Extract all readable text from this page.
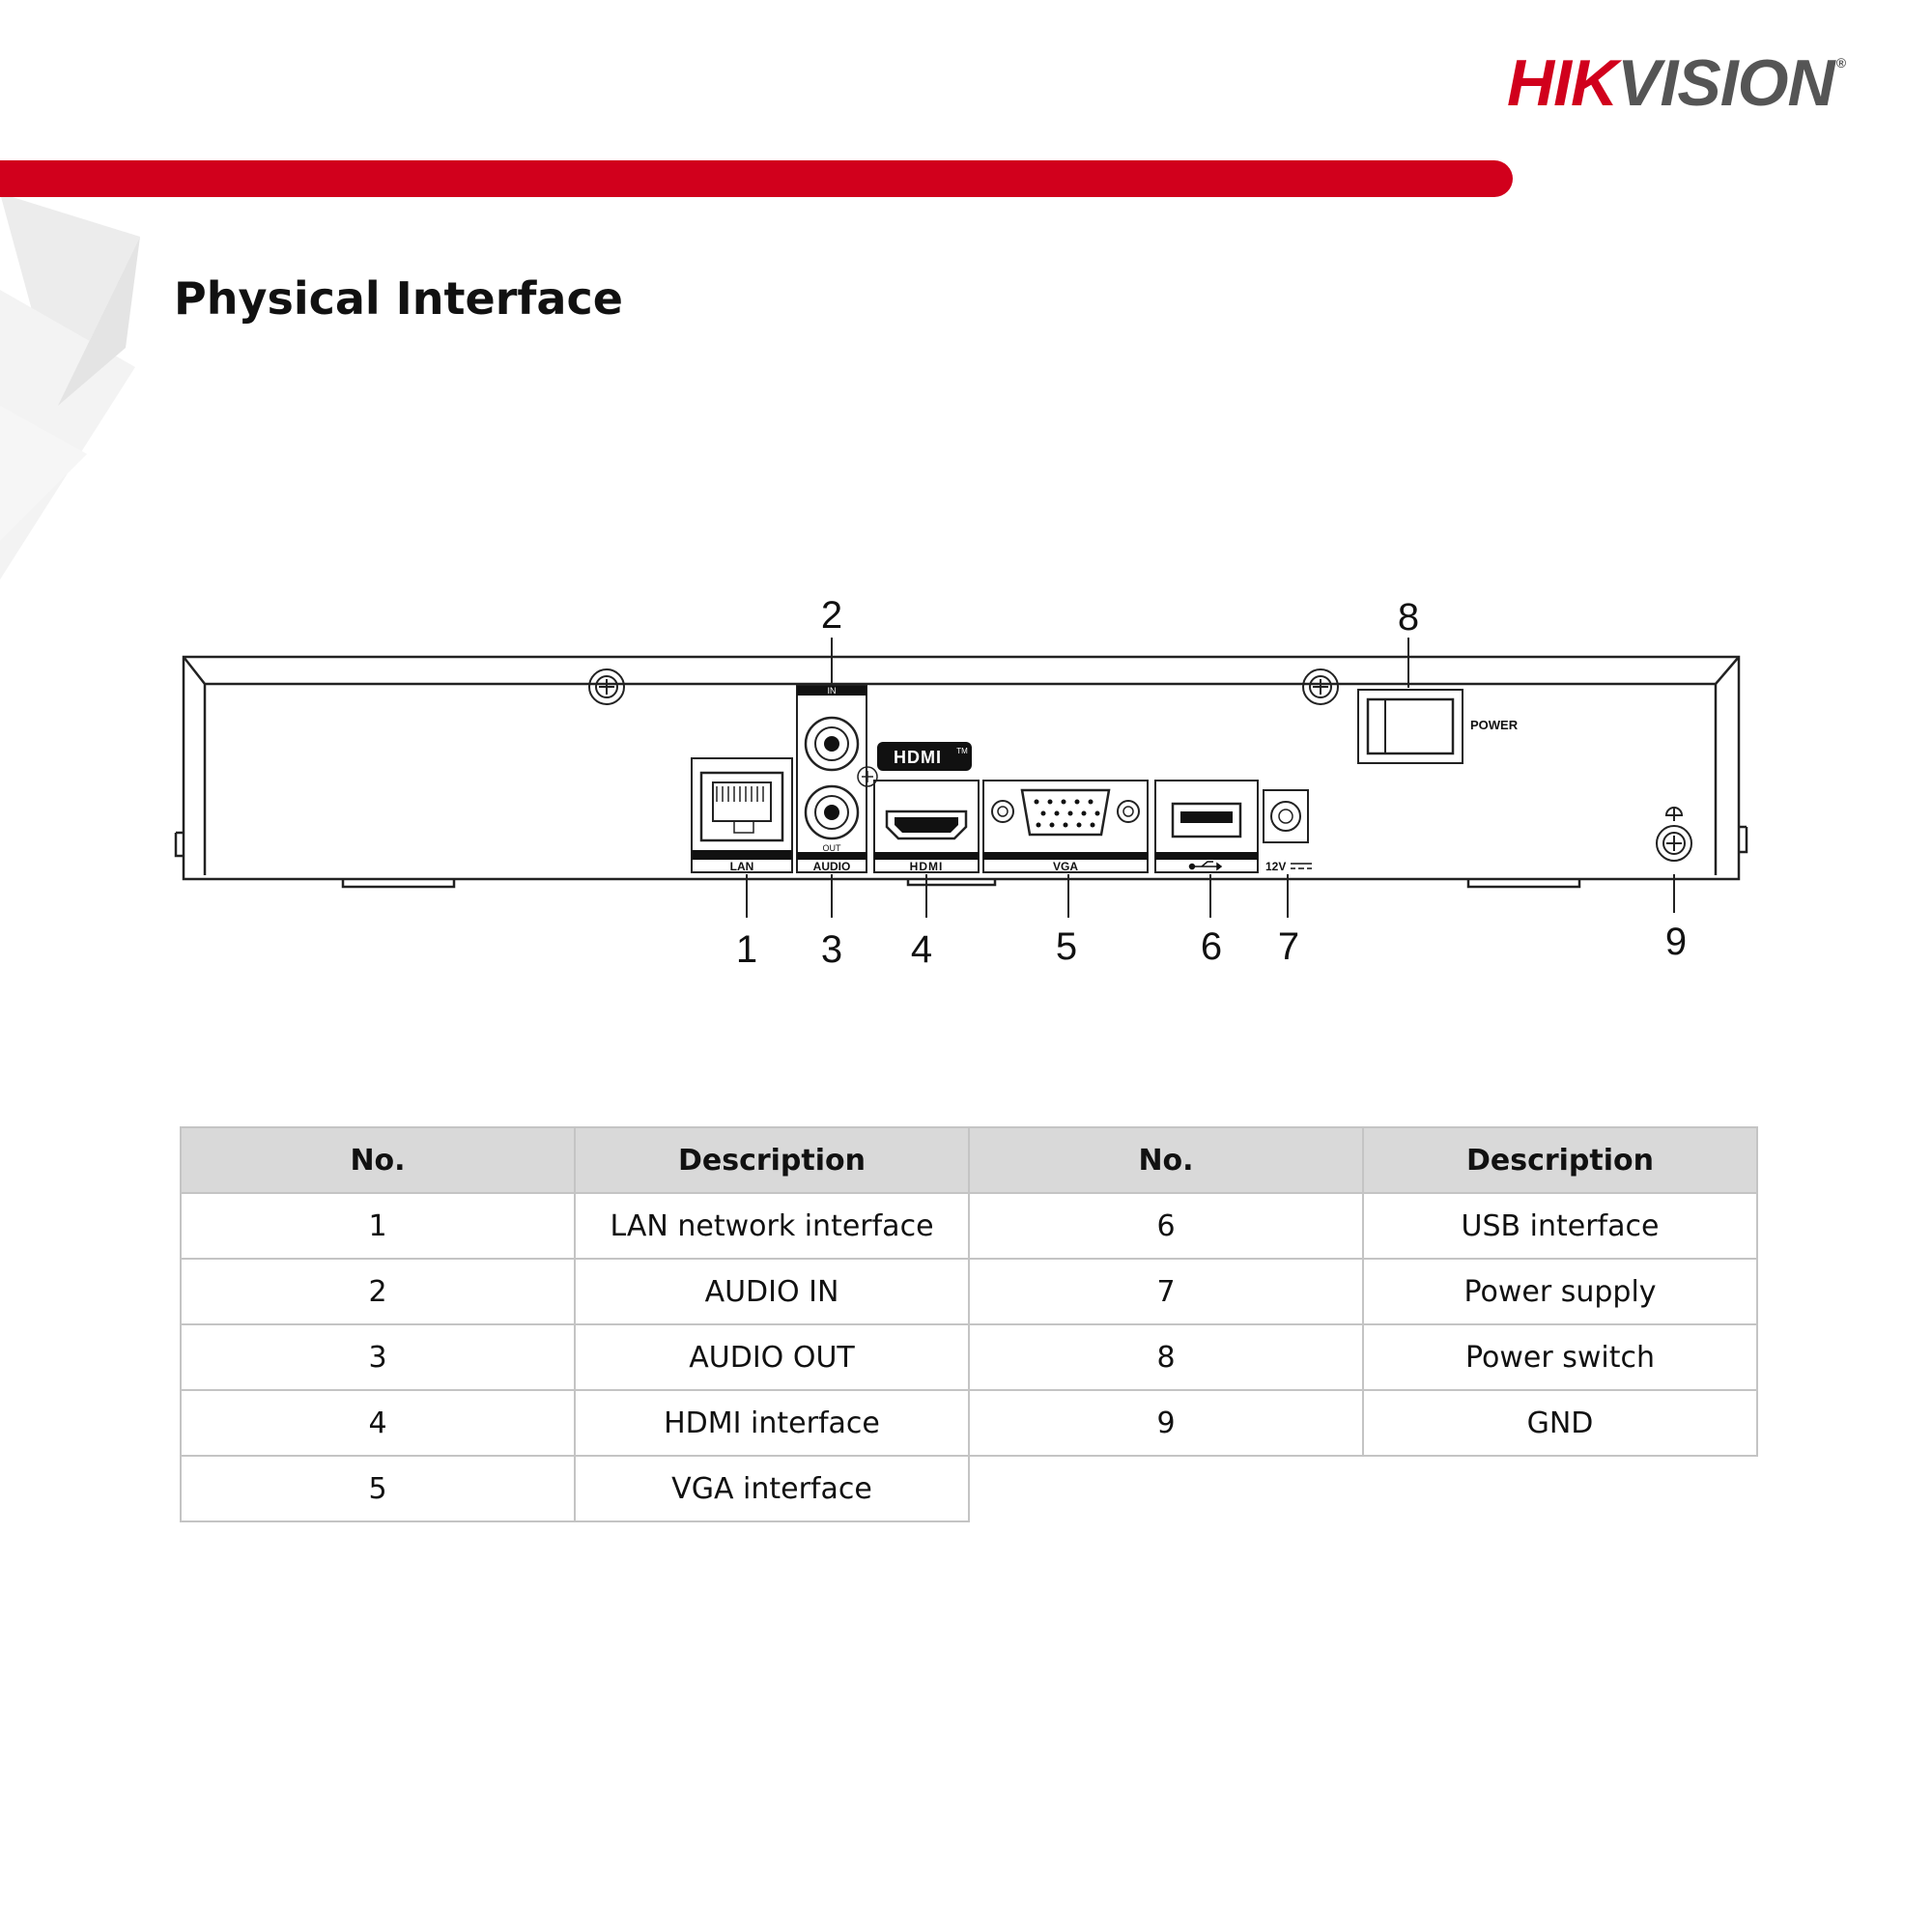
HIKVISION ®
Physical Interface
LAN
IN
OUT
AUDIO
HDMI TM
HDMI	VGA	12V
POWER
2	8
1 3 4	5	6 7	9
No.	Description	No.	Description
1	LAN network interface	6	USB interface
2	AUDIO IN	7	Power supply
3	AUDIO OUT	8	Power switch
4	HDMI interface	9	GND
5	VGA interface		
